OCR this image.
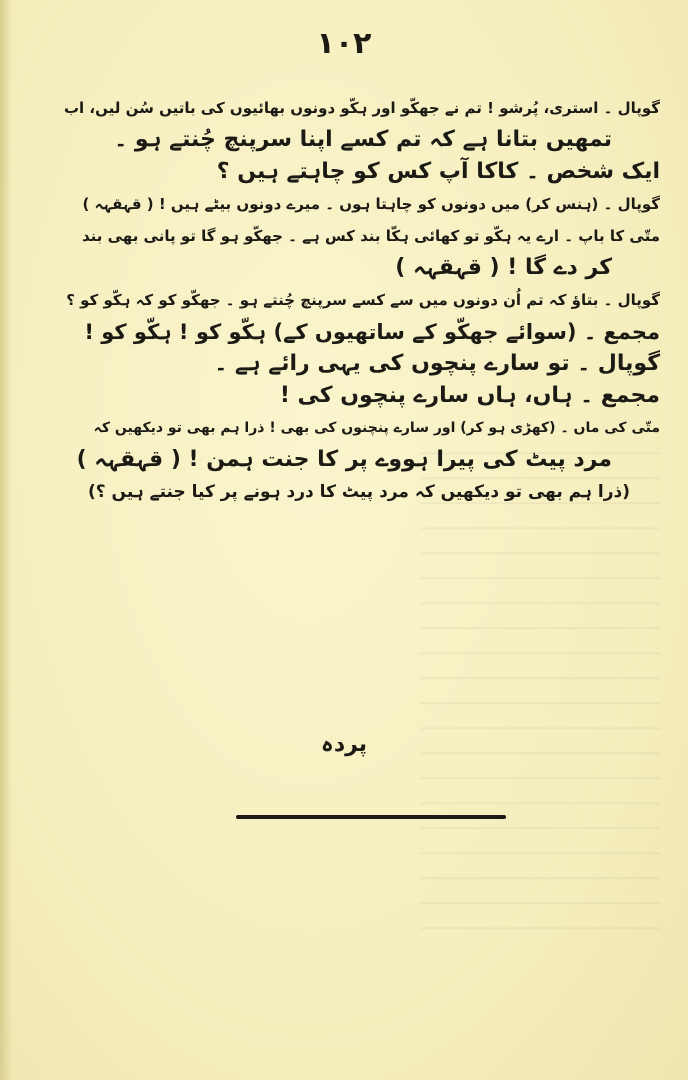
۱۰۲

گوپال ۔ استری، پُرشو ! تم نے جھکّو اور ہکّو دونوں بھائیوں کی باتیں سُن لیں، اب

تمھیں بتانا ہے کہ تم کسے اپنا سرپنچ چُنتے ہو ۔

ایک شخص ۔ کاکا آپ کس کو چاہتے ہیں ؟

گوپال ۔ (ہنس کر) میں دونوں کو چاہتا ہوں ۔ میرے دونوں بیٹے ہیں ! ( قہقہہ )

متّی کا باپ ۔ ارے یہ ہکّو تو کھائی ہکّا بند کس ہے ۔ جھکّو ہو گا تو پانی بھی بند

کر دے گا ! ( قہقہہ )

گوپال ۔ بتاؤ کہ تم اُن دونوں میں سے کسے سرپنچ چُنتے ہو ۔ جھکّو کو کہ ہکّو کو ؟

مجمع ۔ (سوائے جھکّو کے ساتھیوں کے) ہکّو کو ! ہکّو کو !

گوپال ۔ تو سارے پنچوں کی یہی رائے ہے ۔

مجمع ۔ ہاں، ہاں سارے پنچوں کی !

متّی کی ماں ۔ (کھڑی ہو کر) اور سارے پنچنوں کی بھی ! ذرا ہم بھی تو دیکھیں کہ

مرد پیٹ کی پیرا ہووے پر کا جنت ہمن ! ( قہقہہ )

(ذرا ہم بھی تو دیکھیں کہ مرد پیٹ کا درد ہونے پر کیا جنتے ہیں ؟)

پردہ
